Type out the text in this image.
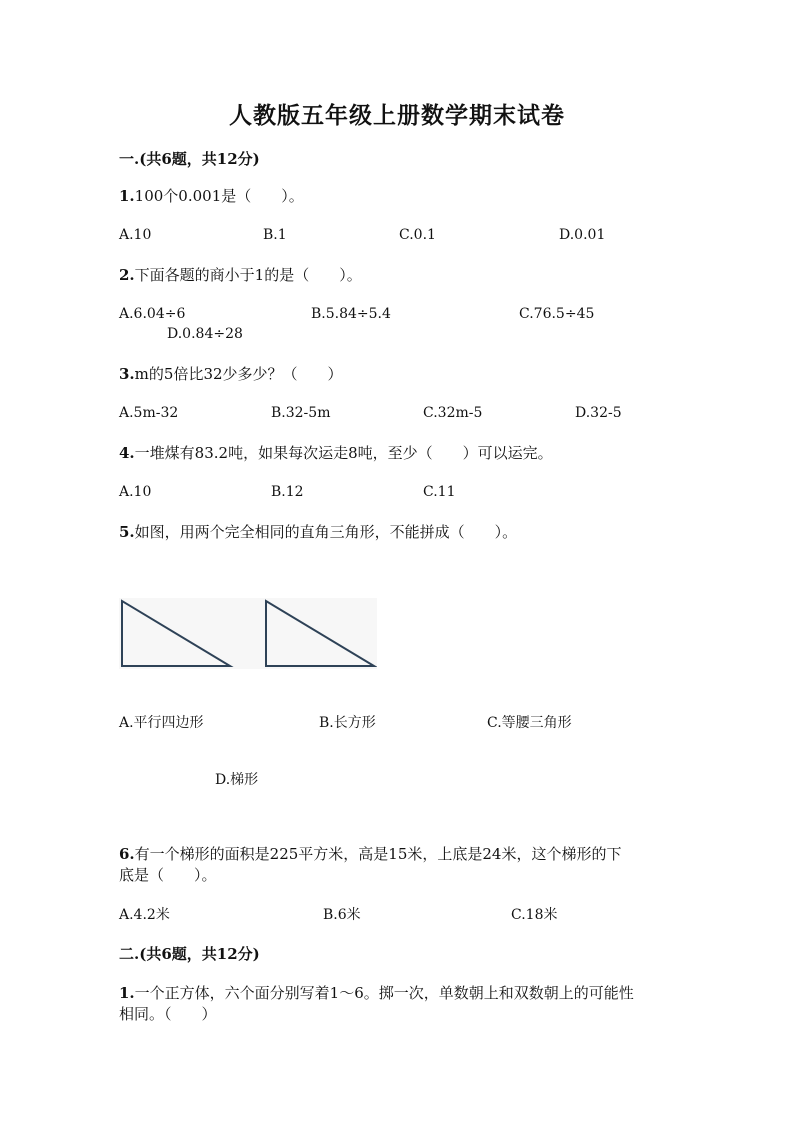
人教版五年级上册数学期末试卷
一.(共6题，共12分)
1.100个0.001是（　　）。
A.10	B.1	C.0.1	D.0.01
2.下面各题的商小于1的是（　　）。
A.6.04÷6	B.5.84÷5.4	C.76.5÷45
D.0.84÷28
3.m的5倍比32少多少？（　　）
A.5m-32	B.32-5m	C.32m-5	D.32-5
4.一堆煤有83.2吨，如果每次运走8吨，至少（　　）可以运完。
A.10	B.12	C.11
5.如图，用两个完全相同的直角三角形，不能拼成（　　）。
A.平行四边形	B.长方形	C.等腰三角形
D.梯形
6.有一个梯形的面积是225平方米，高是15米，上底是24米，这个梯形的下
底是（　　）。
A.4.2米	B.6米	C.18米
二.(共6题，共12分)
1.一个正方体，六个面分别写着1～6。掷一次，单数朝上和双数朝上的可能性
相同。（　　）
